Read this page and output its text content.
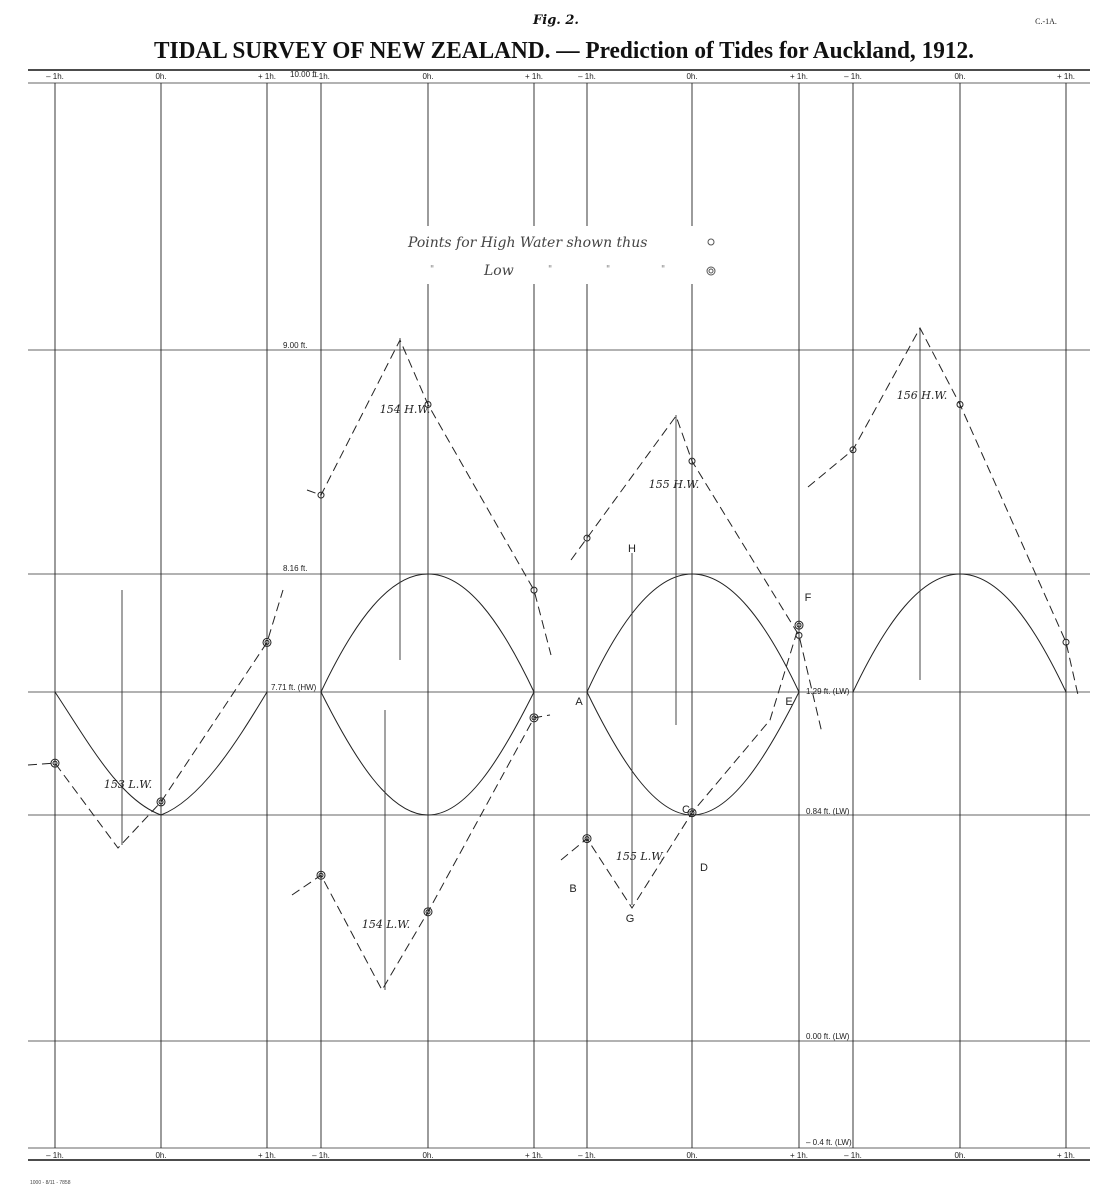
Fig. 2.	C.-1A.
TIDAL SURVEY OF NEW ZEALAND. — Prediction of Tides for Auckland, 1912.
1000 - 8/11 - 7858
– 1h.
– 1h.
0h.
0h.
+ 1h.
+ 1h.
– 1h.
– 1h.
0h.
0h.
+ 1h.
+ 1h.
– 1h.
– 1h.
0h.
0h.
+ 1h.
+ 1h.
– 1h.
– 1h.
0h.
0h.
+ 1h.
+ 1h.
10.00 ft.
9.00 ft.
8.16 ft.
7.71 ft. (HW)	1.29 ft. (LW)
0.84 ft. (LW)
0.00 ft. (LW)
– 0.4 ft. (LW)
153 L.W.
154 H.W.
154 L.W.
155 H.W.
155 L.W.
156 H.W.
A
B
C
D
E
F
G
H
Points for High Water shown thus
"	Low	"	"	"
